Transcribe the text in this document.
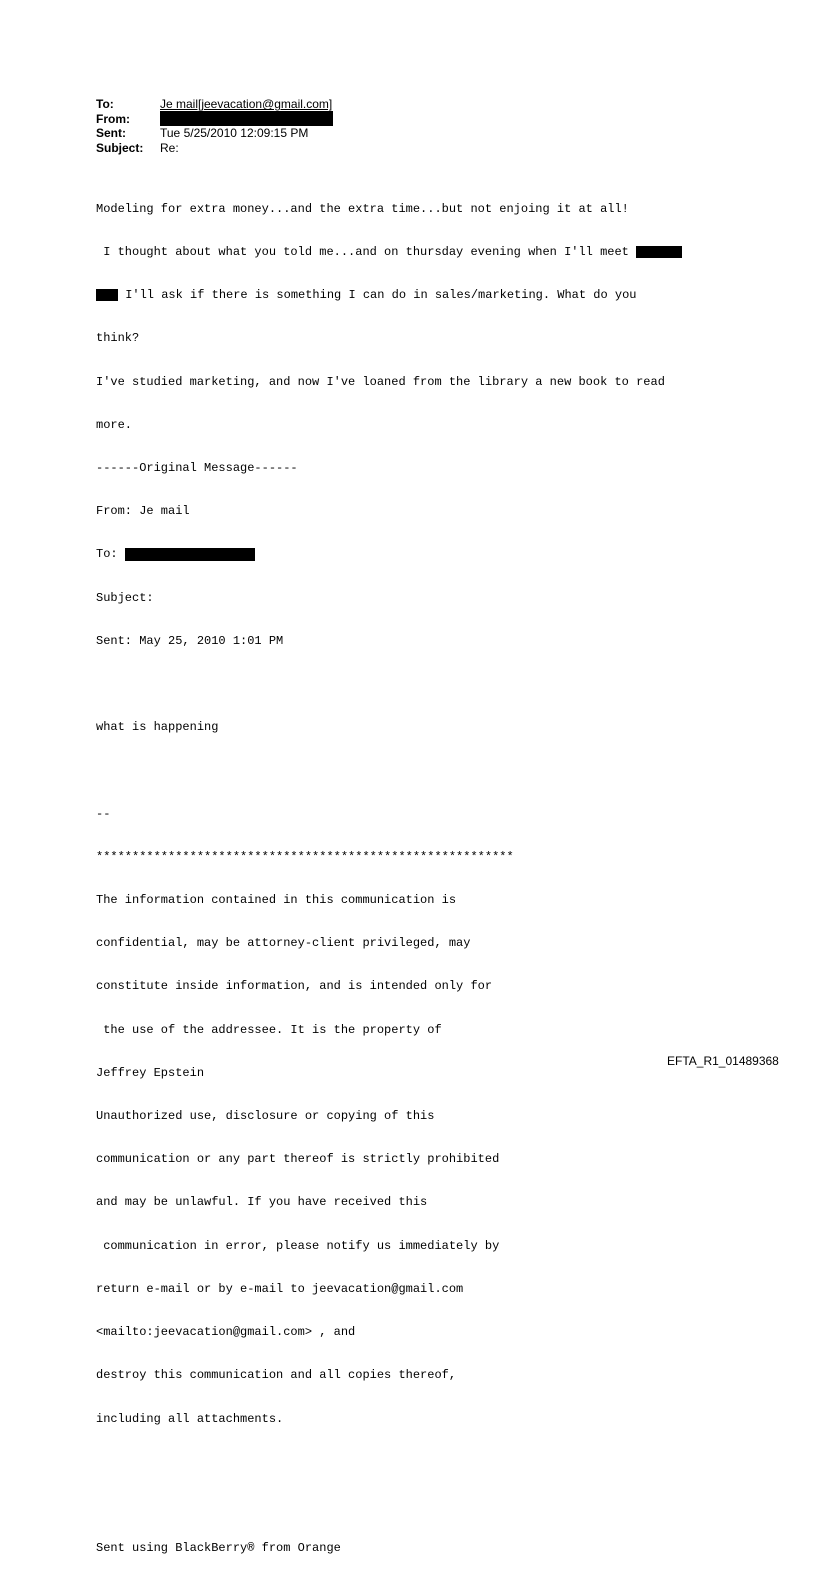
To:	Je mail[jeevacation@gmail.com]
From:
Sent:	Tue 5/25/2010 12:09:15 PM
Subject:	Re:

Modeling for extra money...and the extra time...but not enjoing it at all!

I thought about what you told me...and on thursday evening when I'll meet

I'll ask if there is something I can do in sales/marketing. What do you

think?

I've studied marketing, and now I've loaned from the library a new book to read

more.

------Original Message------

From: Je mail

To:

Subject:

Sent: May 25, 2010 1:01 PM

what is happening

--

**********************************************************

The information contained in this communication is

confidential, may be attorney-client privileged, may

constitute inside information, and is intended only for

the use of the addressee. It is the property of

Jeffrey Epstein

Unauthorized use, disclosure or copying of this

communication or any part thereof is strictly prohibited

and may be unlawful. If you have received this

communication in error, please notify us immediately by

return e-mail or by e-mail to jeevacation@gmail.com

<mailto:jeevacation@gmail.com> , and

destroy this communication and all copies thereof,

including all attachments.

Sent using BlackBerry® from Orange

EFTA_R1_01489368
